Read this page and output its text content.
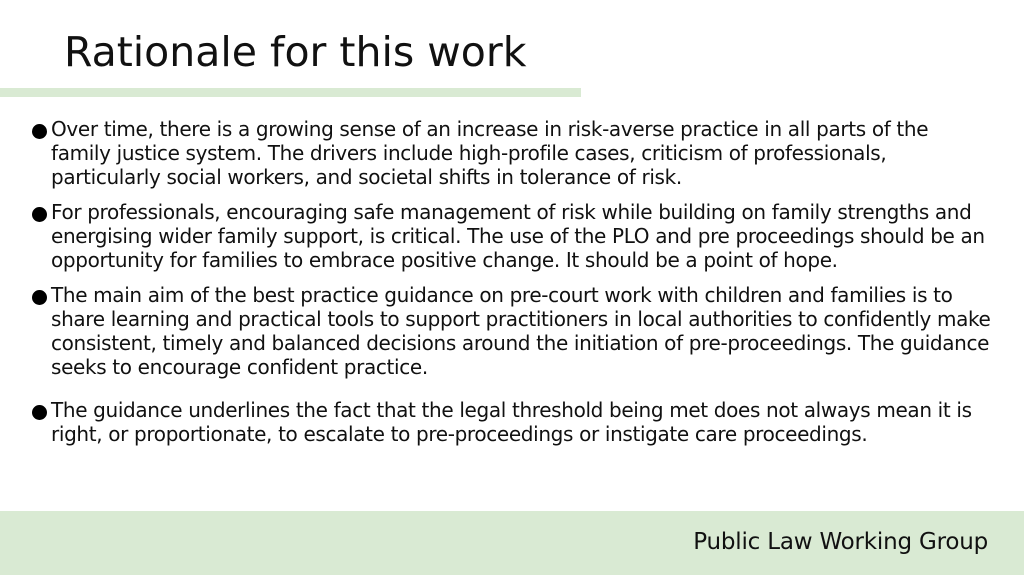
Rationale for this work
Over time, there is a growing sense of an increase in risk-averse practice in all parts of the family justice system. The drivers include high-profile cases, criticism of professionals, particularly social workers, and societal shifts in tolerance of risk.
For professionals, encouraging safe management of risk while building on family strengths and energising wider family support, is critical. The use of the PLO and pre proceedings should be an opportunity for families to embrace positive change. It should be a point of hope.
The main aim of the best practice guidance on pre-court work with children and families is to share learning and practical tools to support practitioners in local authorities to confidently make consistent, timely and balanced decisions around the initiation of pre-proceedings. The guidance seeks to encourage confident practice.
The guidance underlines the fact that the legal threshold being met does not always mean it is right, or proportionate, to escalate to pre-proceedings or instigate care proceedings.
Public Law Working Group
